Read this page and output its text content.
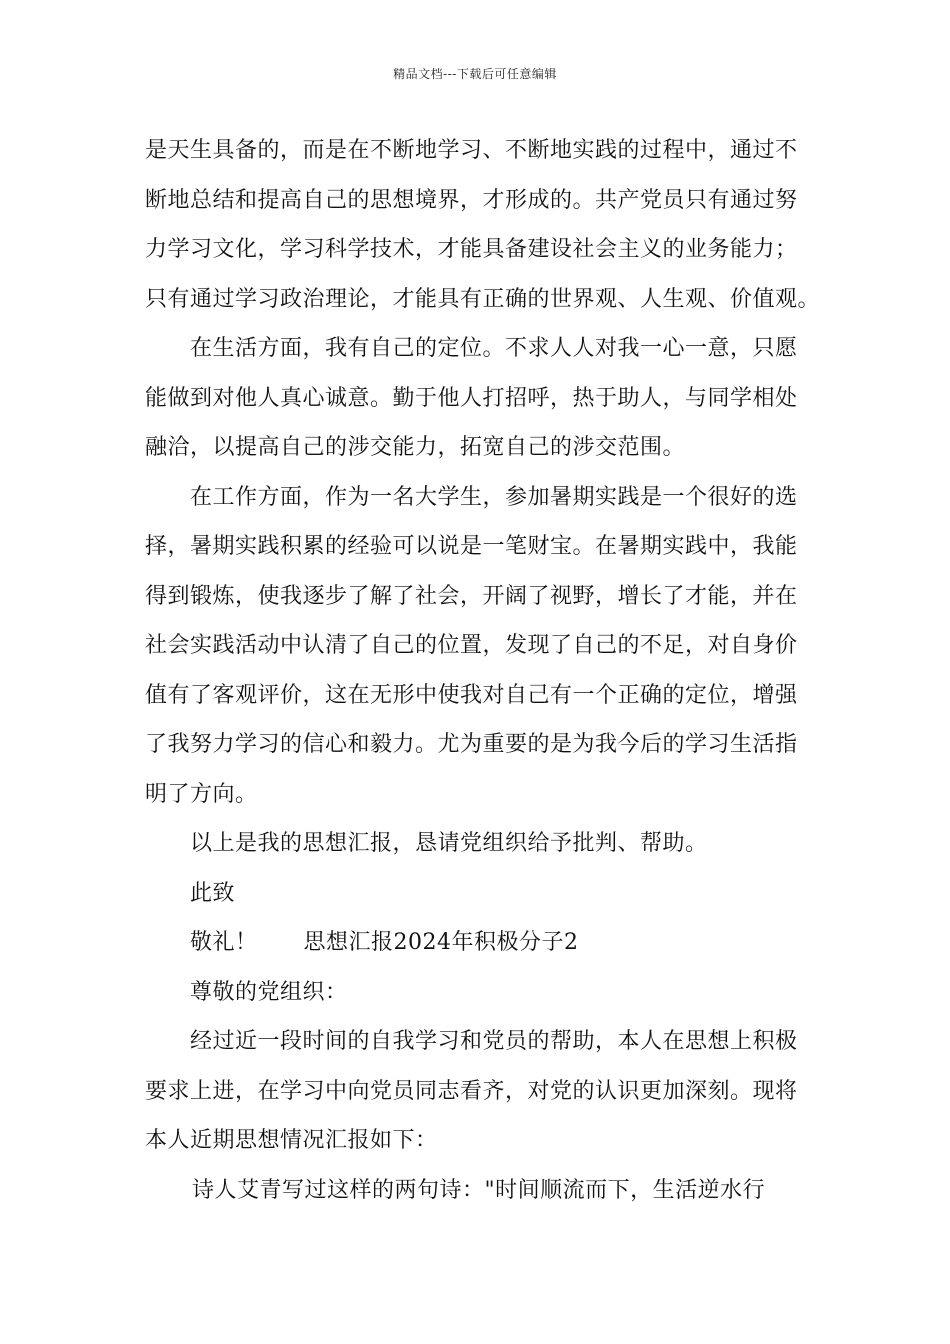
精品文档---下载后可任意编辑

是天生具备的，而是在不断地学习、不断地实践的过程中，通过不

断地总结和提高自己的思想境界，才形成的。共产党员只有通过努

力学习文化，学习科学技术，才能具备建设社会主义的业务能力；

只有通过学习政治理论，才能具有正确的世界观、人生观、价值观。

在生活方面，我有自己的定位。不求人人对我一心一意，只愿

能做到对他人真心诚意。勤于他人打招呼，热于助人，与同学相处

融洽，以提高自己的涉交能力，拓宽自己的涉交范围。

在工作方面，作为一名大学生，参加暑期实践是一个很好的选

择，暑期实践积累的经验可以说是一笔财宝。在暑期实践中，我能

得到锻炼，使我逐步了解了社会，开阔了视野，增长了才能，并在

社会实践活动中认清了自己的位置，发现了自己的不足，对自身价

值有了客观评价，这在无形中使我对自己有一个正确的定位，增强

了我努力学习的信心和毅力。尤为重要的是为我今后的学习生活指

明了方向。

以上是我的思想汇报，恳请党组织给予批判、帮助。

此致

敬礼！ 思想汇报2024年积极分子2

尊敬的党组织：

经过近一段时间的自我学习和党员的帮助，本人在思想上积极

要求上进，在学习中向党员同志看齐，对党的认识更加深刻。现将

本人近期思想情况汇报如下：

诗人艾青写过这样的两句诗："时间顺流而下，生活逆水行
